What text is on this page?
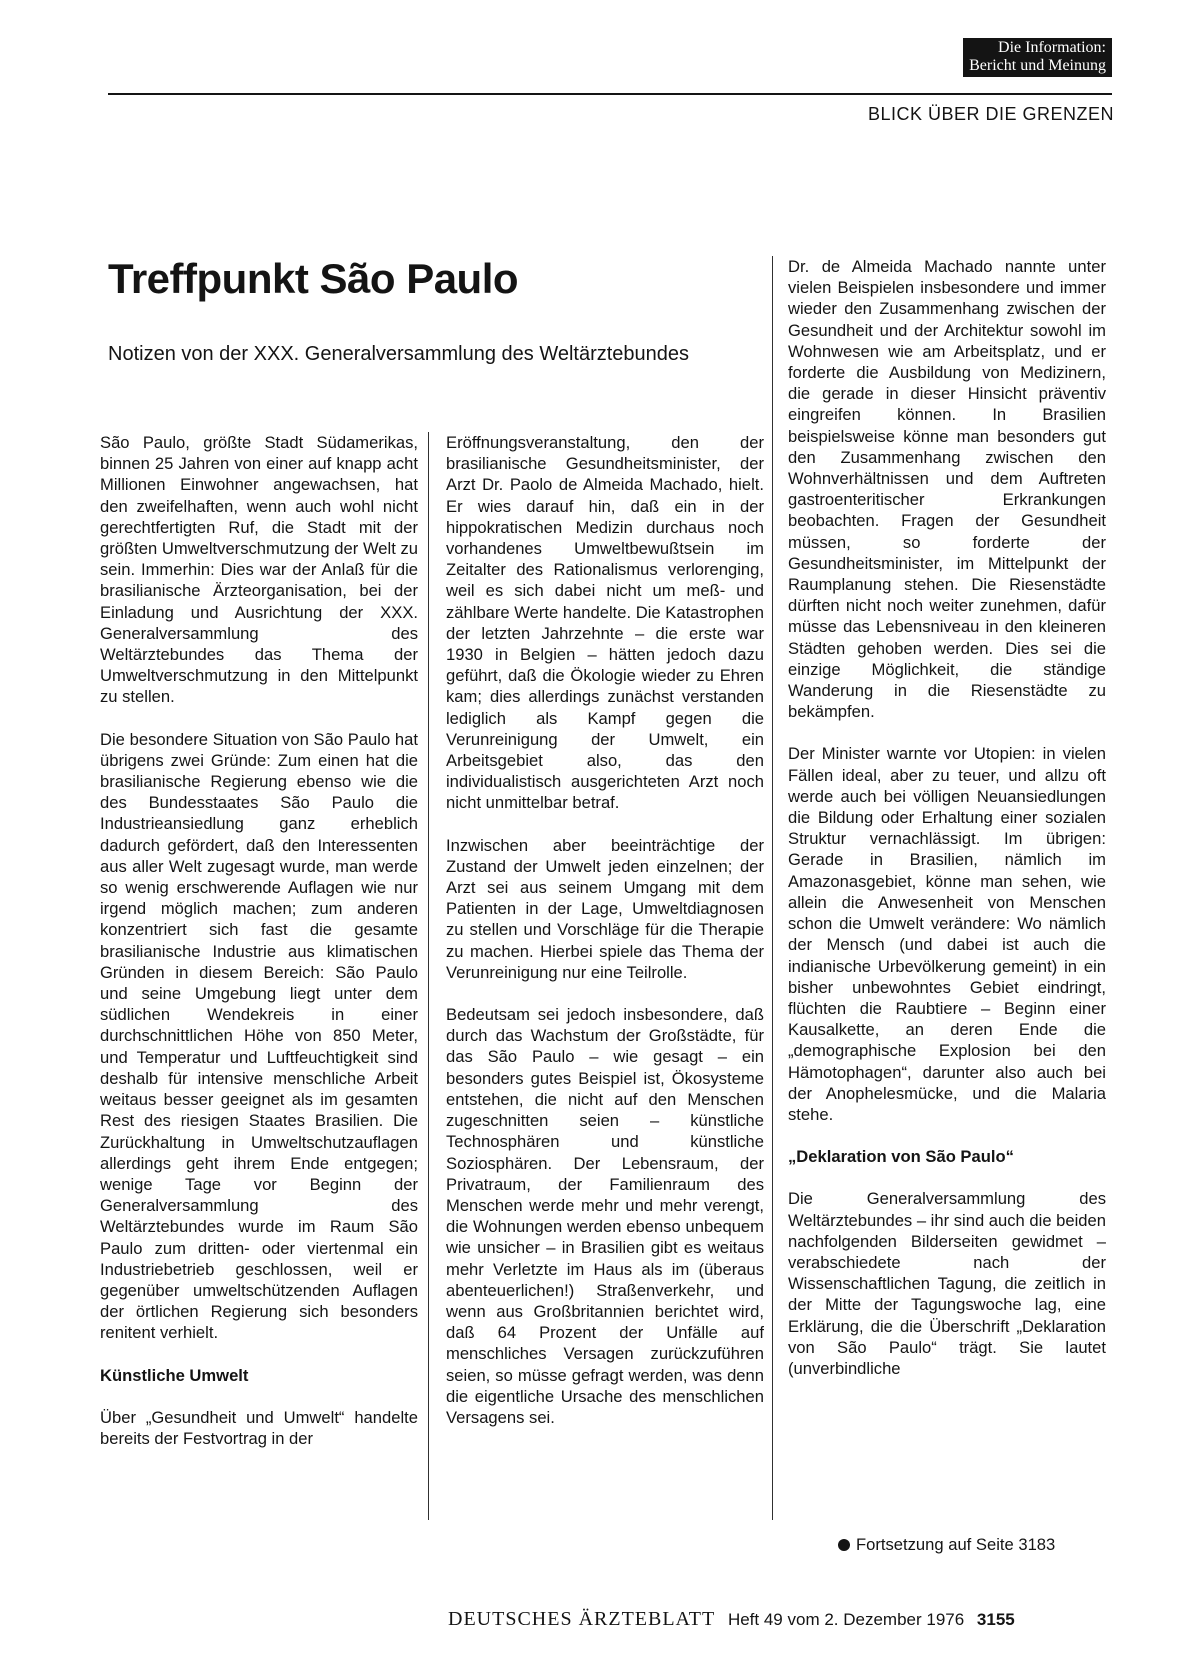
Die Information:
Bericht und Meinung
BLICK ÜBER DIE GRENZEN
Treffpunkt São Paulo
Notizen von der XXX. Generalversammlung des Weltärztebundes

São Paulo, größte Stadt Südamerikas, binnen 25 Jahren von einer auf knapp acht Millionen Einwohner angewachsen, hat den zweifelhaften, wenn auch wohl nicht gerechtfertigten Ruf, die Stadt mit der größten Umweltverschmutzung der Welt zu sein. Immerhin: Dies war der Anlaß für die brasilianische Ärzteorganisation, bei der Einladung und Ausrichtung der XXX. Generalversammlung des Weltärztebundes das Thema der Umweltverschmutzung in den Mittelpunkt zu stellen.

Die besondere Situation von São Paulo hat übrigens zwei Gründe: Zum einen hat die brasilianische Regierung ebenso wie die des Bundesstaates São Paulo die Industrieansiedlung ganz erheblich dadurch gefördert, daß den Interessenten aus aller Welt zugesagt wurde, man werde so wenig erschwerende Auflagen wie nur irgend möglich machen; zum anderen konzentriert sich fast die gesamte brasilianische Industrie aus klimatischen Gründen in diesem Bereich: São Paulo und seine Umgebung liegt unter dem südlichen Wendekreis in einer durchschnittlichen Höhe von 850 Meter, und Temperatur und Luftfeuchtigkeit sind deshalb für intensive menschliche Arbeit weitaus besser geeignet als im gesamten Rest des riesigen Staates Brasilien. Die Zurückhaltung in Umweltschutzauflagen allerdings geht ihrem Ende entgegen; wenige Tage vor Beginn der Generalversammlung des Weltärztebundes wurde im Raum São Paulo zum dritten- oder viertenmal ein Industriebetrieb geschlossen, weil er gegenüber umweltschützenden Auflagen der örtlichen Regierung sich besonders renitent verhielt.

Künstliche Umwelt

Über „Gesundheit und Umwelt“ handelte bereits der Festvortrag in der

Eröffnungsveranstaltung, den der brasilianische Gesundheitsminister, der Arzt Dr. Paolo de Almeida Machado, hielt. Er wies darauf hin, daß ein in der hippokratischen Medizin durchaus noch vorhandenes Umweltbewußtsein im Zeitalter des Rationalismus verlorenging, weil es sich dabei nicht um meß- und zählbare Werte handelte. Die Katastrophen der letzten Jahrzehnte – die erste war 1930 in Belgien – hätten jedoch dazu geführt, daß die Ökologie wieder zu Ehren kam; dies allerdings zunächst verstanden lediglich als Kampf gegen die Verunreinigung der Umwelt, ein Arbeitsgebiet also, das den individualistisch ausgerichteten Arzt noch nicht unmittelbar betraf.

Inzwischen aber beeinträchtige der Zustand der Umwelt jeden einzelnen; der Arzt sei aus seinem Umgang mit dem Patienten in der Lage, Umweltdiagnosen zu stellen und Vorschläge für die Therapie zu machen. Hierbei spiele das Thema der Verunreinigung nur eine Teilrolle.

Bedeutsam sei jedoch insbesondere, daß durch das Wachstum der Großstädte, für das São Paulo – wie gesagt – ein besonders gutes Beispiel ist, Ökosysteme entstehen, die nicht auf den Menschen zugeschnitten seien – künstliche Technosphären und künstliche Soziosphären. Der Lebensraum, der Privatraum, der Familienraum des Menschen werde mehr und mehr verengt, die Wohnungen werden ebenso unbequem wie unsicher – in Brasilien gibt es weitaus mehr Verletzte im Haus als im (überaus abenteuerlichen!) Straßenverkehr, und wenn aus Großbritannien berichtet wird, daß 64 Prozent der Unfälle auf menschliches Versagen zurückzuführen seien, so müsse gefragt werden, was denn die eigentliche Ursache des menschlichen Versagens sei.

Dr. de Almeida Machado nannte unter vielen Beispielen insbesondere und immer wieder den Zusammenhang zwischen der Gesundheit und der Architektur sowohl im Wohnwesen wie am Arbeitsplatz, und er forderte die Ausbildung von Medizinern, die gerade in dieser Hinsicht präventiv eingreifen können. In Brasilien beispielsweise könne man besonders gut den Zusammenhang zwischen den Wohnverhältnissen und dem Auftreten gastroenteritischer Erkrankungen beobachten. Fragen der Gesundheit müssen, so forderte der Gesundheitsminister, im Mittelpunkt der Raumplanung stehen. Die Riesenstädte dürften nicht noch weiter zunehmen, dafür müsse das Lebensniveau in den kleineren Städten gehoben werden. Dies sei die einzige Möglichkeit, die ständige Wanderung in die Riesenstädte zu bekämpfen.

Der Minister warnte vor Utopien: in vielen Fällen ideal, aber zu teuer, und allzu oft werde auch bei völligen Neuansiedlungen die Bildung oder Erhaltung einer sozialen Struktur vernachlässigt. Im übrigen: Gerade in Brasilien, nämlich im Amazonasgebiet, könne man sehen, wie allein die Anwesenheit von Menschen schon die Umwelt verändere: Wo nämlich der Mensch (und dabei ist auch die indianische Urbevölkerung gemeint) in ein bisher unbewohntes Gebiet eindringt, flüchten die Raubtiere – Beginn einer Kausalkette, an deren Ende die „demographische Explosion bei den Hämotophagen“, darunter also auch bei der Anophelesmücke, und die Malaria stehe.

„Deklaration von São Paulo“

Die Generalversammlung des Weltärztebundes – ihr sind auch die beiden nachfolgenden Bilderseiten gewidmet – verabschiedete nach der Wissenschaftlichen Tagung, die zeitlich in der Mitte der Tagungswoche lag, eine Erklärung, die die Überschrift „Deklaration von São Paulo“ trägt. Sie lautet (unverbindliche

Fortsetzung auf Seite 3183
DEUTSCHES ÄRZTEBLATT Heft 49 vom 2. Dezember 1976 3155
